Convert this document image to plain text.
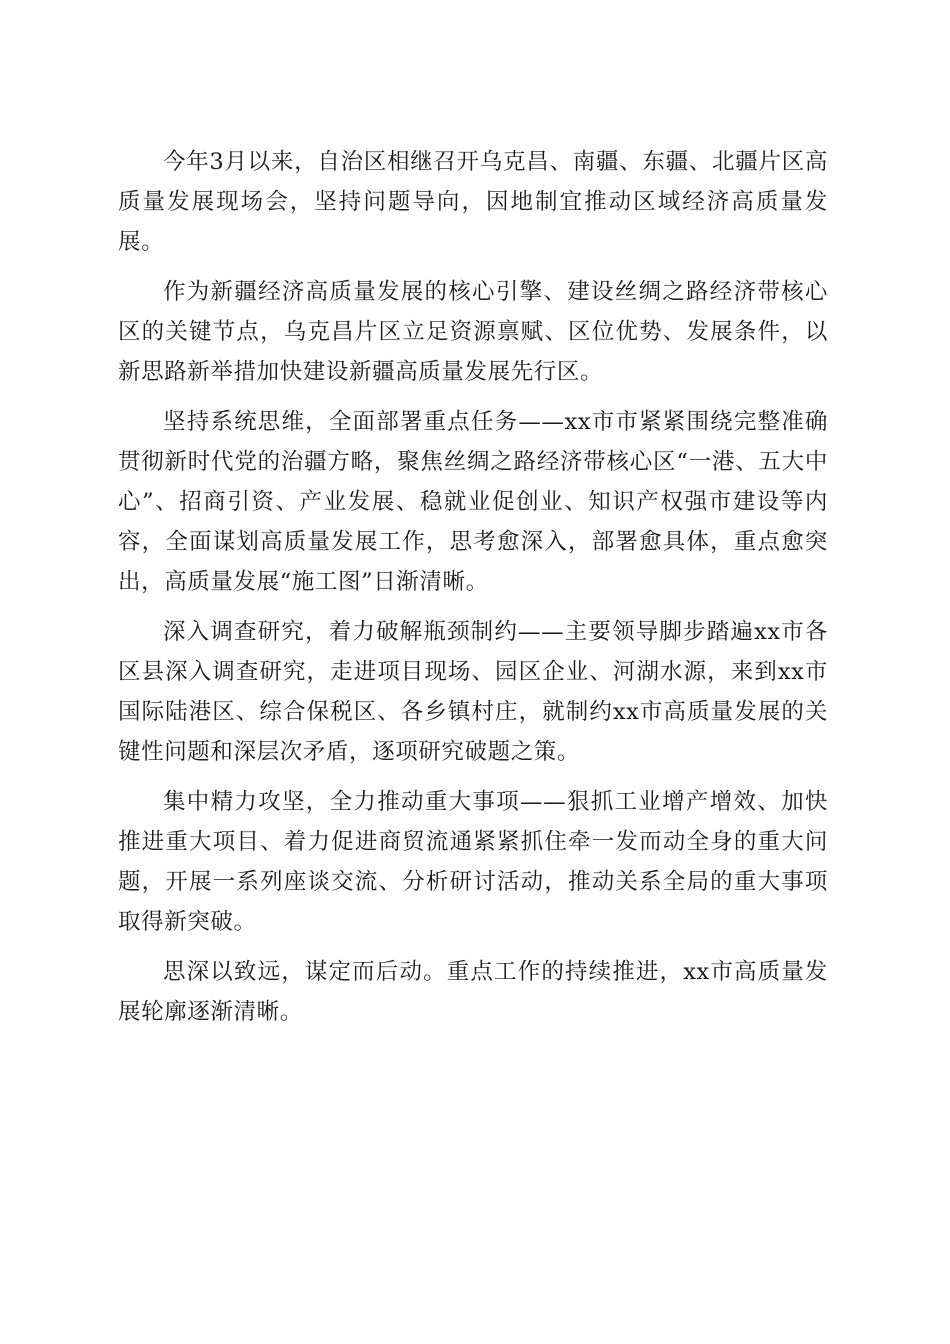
今年3月以来，自治区相继召开乌克昌、南疆、东疆、北疆片区高质量发展现场会，坚持问题导向，因地制宜推动区域经济高质量发展。

作为新疆经济高质量发展的核心引擎、建设丝绸之路经济带核心区的关键节点，乌克昌片区立足资源禀赋、区位优势、发展条件，以新思路新举措加快建设新疆高质量发展先行区。

坚持系统思维，全面部署重点任务——xx市市紧紧围绕完整准确贯彻新时代党的治疆方略，聚焦丝绸之路经济带核心区“一港、五大中心”、招商引资、产业发展、稳就业促创业、知识产权强市建设等内容，全面谋划高质量发展工作，思考愈深入，部署愈具体，重点愈突出，高质量发展“施工图”日渐清晰。

深入调查研究，着力破解瓶颈制约——主要领导脚步踏遍xx市各区县深入调查研究，走进项目现场、园区企业、河湖水源，来到xx市国际陆港区、综合保税区、各乡镇村庄，就制约xx市高质量发展的关键性问题和深层次矛盾，逐项研究破题之策。

集中精力攻坚，全力推动重大事项——狠抓工业增产增效、加快推进重大项目、着力促进商贸流通紧紧抓住牵一发而动全身的重大问题，开展一系列座谈交流、分析研讨活动，推动关系全局的重大事项取得新突破。

思深以致远，谋定而后动。重点工作的持续推进，xx市高质量发展轮廓逐渐清晰。
